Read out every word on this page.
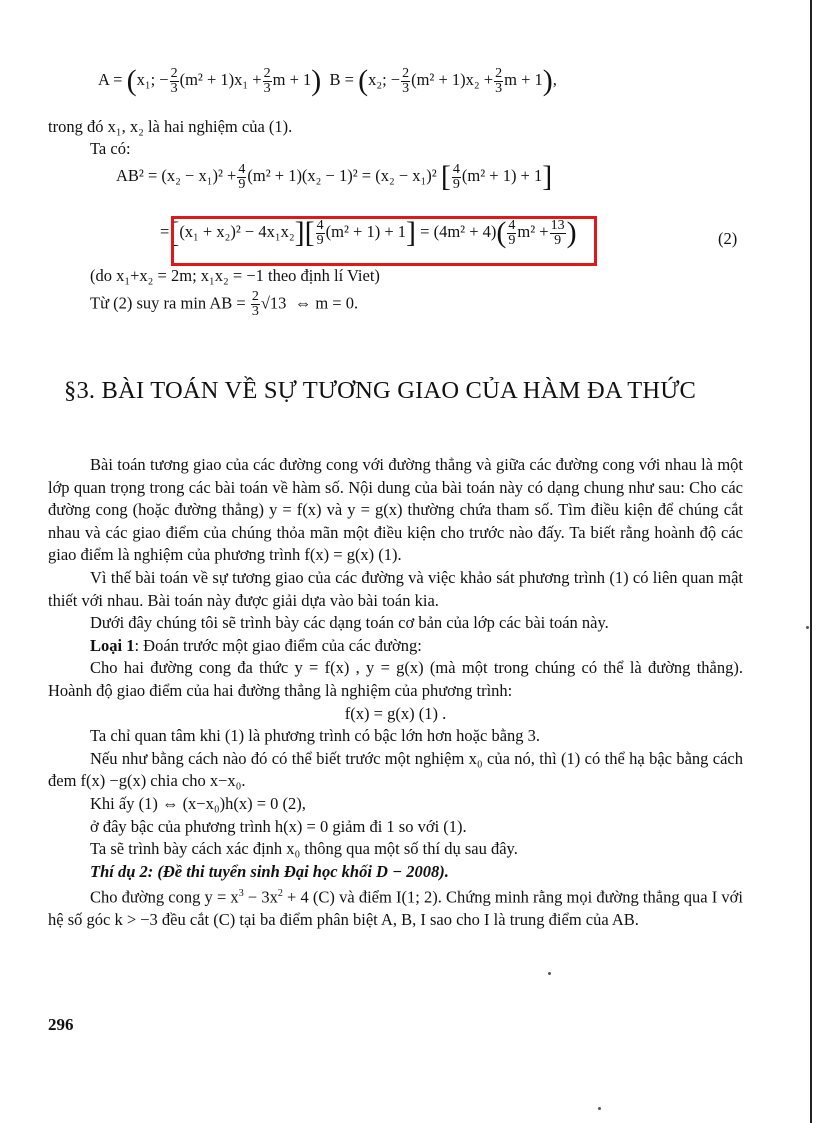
A = (x₁; − $\frac{2}{3} (m^2 + 1)x_1 + \frac{2}{3}$ m + 1) B = (x₂; − $\frac{2}{3} (m^2 + 1)x_2 + \frac{2}{3}$ m + 1),
trong đó x₁, x₂ là hai nghiệm của (1).
Ta có:
$AB^2 = (x_2 - x_1)^2 + \frac{4}{9} (m^2 + 1)(x_2 - 1)^2 = (x_2 - x_1)^2$ [ $\frac{4}{9} (m^2 + 1) + 1$]
$=[(x_1 + x_2)^2 - 4x_1x_2][ \frac{4}{9} (m^2 + 1) + 1] = (4m^2 + 4)( \frac{4}{9} m^2 + \frac{13}{9}$ )	(2)
(do x₁+x₂ = 2m; x₁x₂ = −1 theo định lí Viet)
Từ (2) suy ra min AB = $\frac{2}{3} √13$ ⇔ m = 0.
§3. BÀI TOÁN VỀ SỰ TƯƠNG GIAO CỦA HÀM ĐA THỨC

Bài toán tương giao của các đường cong với đường thẳng và giữa các đường cong với nhau là một lớp quan trọng trong các bài toán về hàm số. Nội dung của bài toán này có dạng chung như sau: Cho các đường cong (hoặc đường thẳng) y = f(x) và y = g(x) thường chứa tham số. Tìm điều kiện để chúng cắt nhau và các giao điểm của chúng thỏa mãn một điều kiện cho trước nào đấy. Ta biết rằng hoành độ các giao điểm là nghiệm của phương trình f(x) = g(x) (1).

Vì thế bài toán về sự tương giao của các đường và việc khảo sát phương trình (1) có liên quan mật thiết với nhau. Bài toán này được giải dựa vào bài toán kia.

Dưới đây chúng tôi sẽ trình bày các dạng toán cơ bản của lớp các bài toán này.

Loại 1: Đoán trước một giao điểm của các đường:

Cho hai đường cong đa thức y = f(x) , y = g(x) (mà một trong chúng có thể là đường thẳng). Hoành độ giao điểm của hai đường thẳng là nghiệm của phương trình:

f(x) = g(x) (1) .

Ta chỉ quan tâm khi (1) là phương trình có bậc lớn hơn hoặc bằng 3.

Nếu như bằng cách nào đó có thể biết trước một nghiệm x₀ của nó, thì (1) có thể hạ bậc bằng cách đem f(x) −g(x) chia cho x−x₀.

Khi ấy (1) ⇔ (x−x₀)h(x) = 0 (2),

ở đây bậc của phương trình h(x) = 0 giảm đi 1 so với (1).

Ta sẽ trình bày cách xác định x₀ thông qua một số thí dụ sau đây.

Thí dụ 2: (Đề thi tuyển sinh Đại học khối D − 2008).

Cho đường cong $y = x^3 - 3x^2 + 4$ (C) và điểm I(1; 2). Chứng minh rằng mọi đường thẳng qua I với hệ số góc k > −3 đều cắt (C) tại ba điểm phân biệt A, B, I sao cho I là trung điểm của AB.

296
